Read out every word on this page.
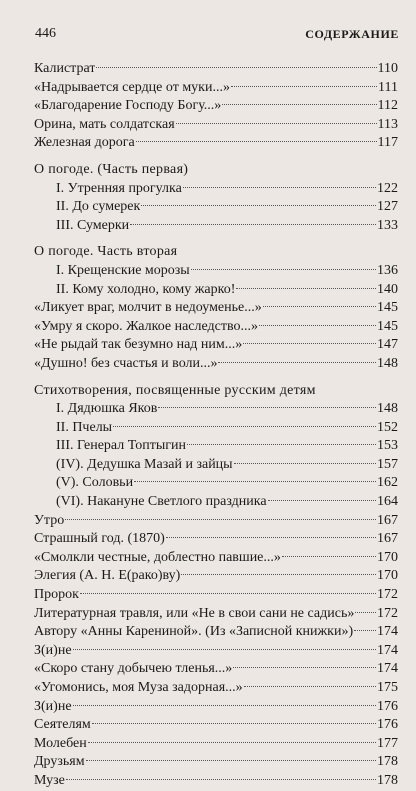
446	СОДЕРЖАНИЕ
Калистрат	110
«Надрывается сердце от муки...»	111
«Благодарение Господу Богу...»	112
Орина, мать солдатская	113
Железная дорога	117
О погоде. (Часть первая)
I. Утренняя прогулка	122
II. До сумерек	127
III. Сумерки	133
О погоде. Часть вторая
I. Крещенские морозы	136
II. Кому холодно, кому жарко!	140
«Ликует враг, молчит в недоуменье...»	145
«Умру я скоро. Жалкое наследство...»	145
«Не рыдай так безумно над ним...»	147
«Душно! без счастья и воли...»	148
Стихотворения, посвященные русским детям
I. Дядюшка Яков	148
II. Пчелы	152
III. Генерал Топтыгин	153
(IV). Дедушка Мазай и зайцы	157
(V). Соловьи	162
(VI). Накануне Светлого праздника	164
Утро	167
Страшный год. (1870)	167
«Смолкли честные, доблестно павшие...»	170
Элегия (А. Н. Е(рако)ву)	170
Пророк	172
Литературная травля, или «Не в свои сани не садись» 172
Автору «Анны Карениной». (Из «Записной книжки») 174
З(и)не	174
«Скоро стану добычею тленья...»	174
«Угомонись, моя Муза задорная...»	175
З(и)не	176
Сеятелям	176
Молебен	177
Друзьям	178
Музе	178
